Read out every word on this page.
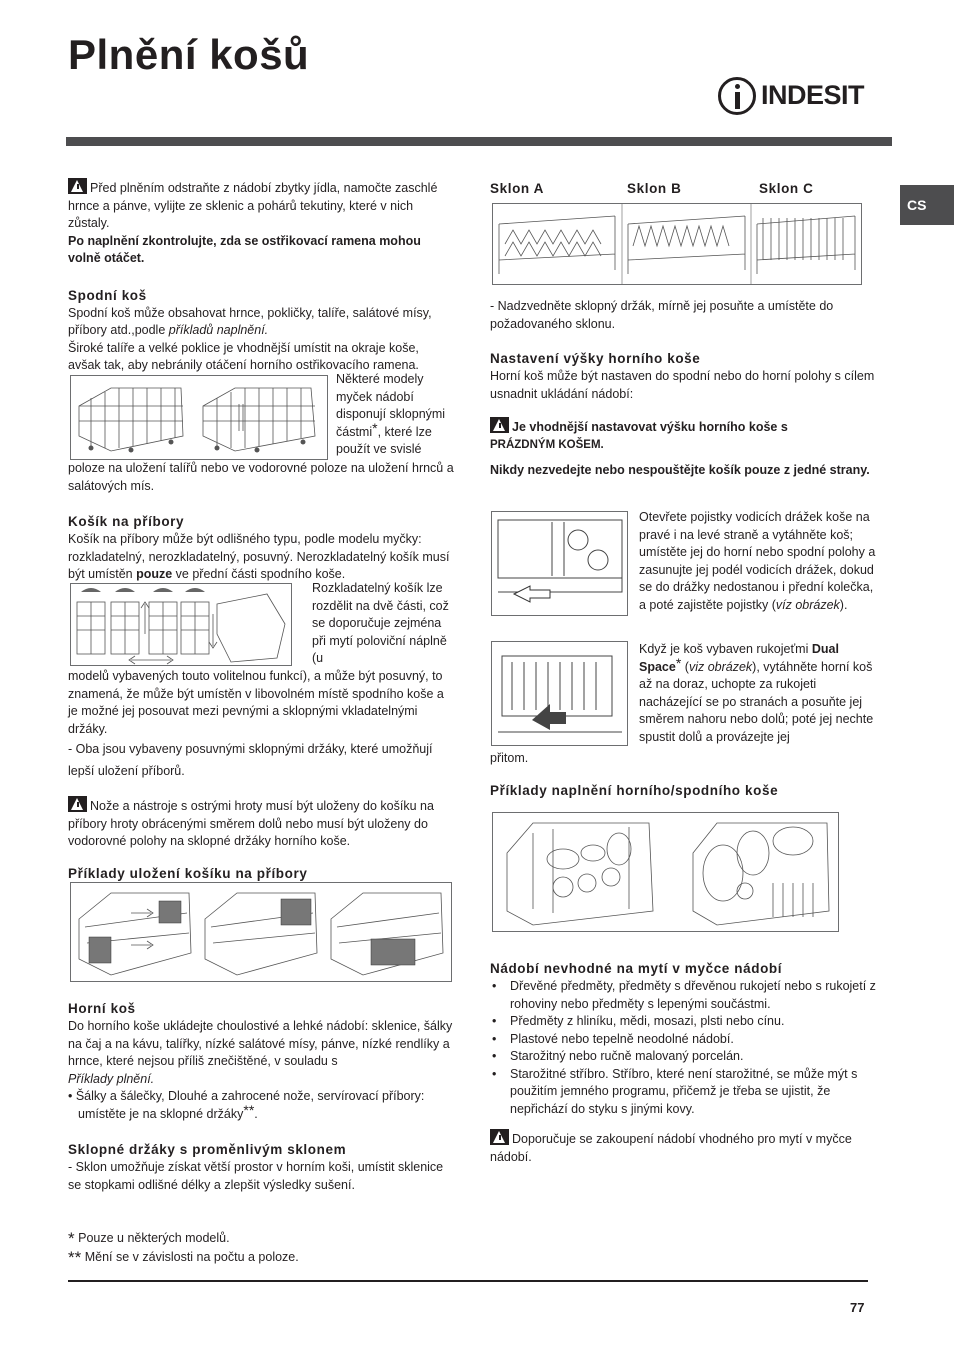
Plnění košů
INDESIT
CS

Před plněním odstraňte z nádobí zbytky jídla, namočte zaschlé hrnce a pánve, vylijte ze sklenic a pohárů tekutiny, které v nich zůstaly.

Po naplnění zkontrolujte, zda se ostřikovací ramena mohou volně otáčet.

Spodní koš

Spodní koš může obsahovat hrnce, pokličky, talíře, salátové mísy, příbory atd.,podle příkladů naplnění.

Široké talíře a velké poklice je vhodnější umístit na okraje koše, avšak tak, aby nebránily otáčení horního ostřikovacího ramena.

Některé modely myček nádobí disponují sklopnými částmi*, které lze použít ve svislé

poloze na uložení talířů nebo ve vodorovné poloze na uložení hrnců a salátových mís.

Košík na příbory

Košík na příbory může být odlišného typu, podle modelu myčky: rozkladatelný, nerozkladatelný, posuvný. Nerozkladatelný košík musí být umístěn pouze ve přední části spodního koše.

Rozkladatelný košík lze rozdělit na dvě části, což se doporučuje zejména při mytí poloviční náplně (u

modelů vybavených touto volitelnou funkcí), a může být posuvný, to znamená, že může být umístěn v libovolném místě spodního koše a je možné jej posouvat mezi pevnými a sklopnými vkladatelnými držáky.

- Oba jsou vybaveny posuvnými sklopnými držáky, které umožňují lepší uložení příborů.

Nože a nástroje s ostrými hroty musí být uloženy do košíku na příbory hroty obrácenými směrem dolů nebo musí být uloženy do vodorovné polohy na sklopné držáky horního koše.

Příklady uložení košíku na příbory

Horní koš

Do horního koše ukládejte choulostivé a lehké nádobí: sklenice, šálky na čaj a na kávu, talířky, nízké salátové mísy, pánve, nízké rendlíky a hrnce, které nejsou příliš znečištěné, v souladu s

Příklady plnění.

• Šálky a šálečky, Dlouhé a zahrocené nože, servírovací příbory: umístěte je na sklopné držáky**.

Sklopné držáky s proměnlivým sklonem

- Sklon umožňuje získat větší prostor v horním koši, umístit sklenice se stopkami odlišné délky a zlepšit výsledky sušení.

* Pouze u některých modelů.

** Mění se v závislosti na počtu a poloze.

Sklon A	Sklon B	Sklon C

- Nadzvedněte sklopný držák, mírně jej posuňte a umístěte do požadovaného sklonu.

Nastavení výšky horního koše

Horní koš může být nastaven do spodní nebo do horní polohy s cílem usnadnit ukládání nádobí:

Je vhodnější nastavovat výšku horního koše s

PRÁZDNÝM KOŠEM.

Nikdy nezvedejte nebo nespouštějte košík pouze z jedné strany.

Otevřete pojistky vodicích drážek koše na pravé i na levé straně a vytáhněte koš; umístěte jej do horní nebo spodní polohy a zasunujte jej podél vodicích drážek, dokud se do drážky nedostanou i přední kolečka, a poté zajistěte pojistky (víz obrázek).

Když je koš vybaven rukojeťmi Dual Space* (viz obrázek), vytáhněte horní koš až na doraz, uchopte za rukojeti nacházející se po stranách a posuňte jej směrem nahoru nebo dolů; poté jej nechte spustit dolů a provázejte jej

přitom.

Příklady naplnění horního/spodního koše

Nádobí nevhodné na mytí v myčce nádobí

• Dřevěné předměty, předměty s dřevěnou rukojetí nebo s rukojetí z rohoviny nebo předměty s lepenými součástmi.
• Předměty z hliníku, mědi, mosazi, plsti nebo cínu.
• Plastové nebo tepelně neodolné nádobí.
• Starožitný nebo ručně malovaný porcelán.
• Starožitné stříbro. Stříbro, které není starožitné, se může mýt s použitím jemného programu, přičemž je třeba se ujistit, že nepřichází do styku s jinými kovy.

Doporučuje se zakoupení nádobí vhodného pro mytí v myčce nádobí.

77
